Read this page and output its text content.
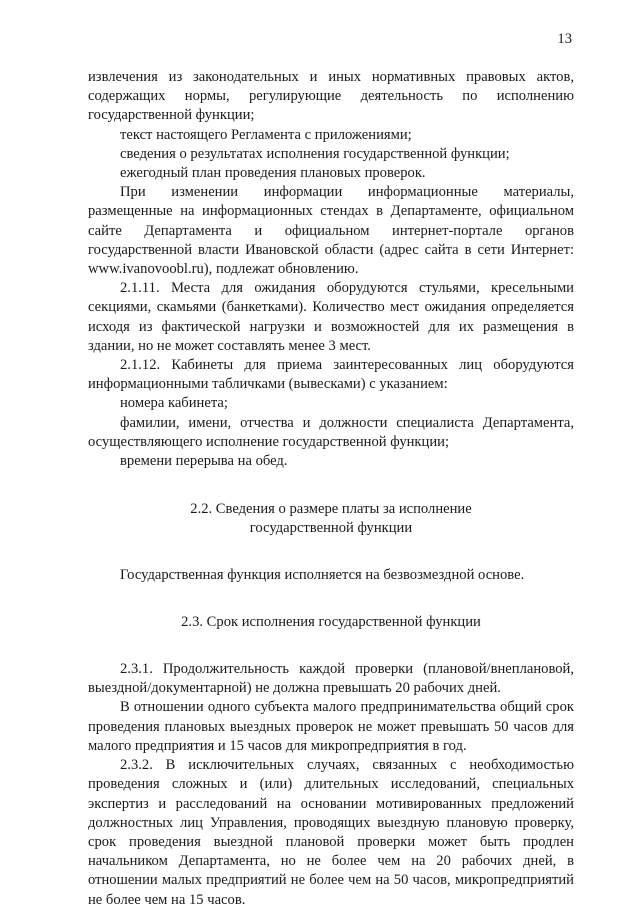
13

извлечения из законодательных и иных нормативных правовых актов, содержащих нормы, регулирующие деятельность по исполнению государственной функции;

текст настоящего Регламента с приложениями;

сведения о результатах исполнения государственной функции;

ежегодный план проведения плановых проверок.

При изменении информации информационные материалы, размещенные на информационных стендах в Департаменте, официальном сайте Департамента и официальном интернет-портале органов государственной власти Ивановской области (адрес сайта в сети Интернет: www.ivanovoobl.ru), подлежат обновлению.

2.1.11. Места для ожидания оборудуются стульями, кресельными секциями, скамьями (банкетками). Количество мест ожидания определяется исходя из фактической нагрузки и возможностей для их размещения в здании, но не может составлять менее 3 мест.

2.1.12. Кабинеты для приема заинтересованных лиц оборудуются информационными табличками (вывесками) с указанием:

номера кабинета;

фамилии, имени, отчества и должности специалиста Департамента, осуществляющего исполнение государственной функции;

времени перерыва на обед.

2.2. Сведения о размере платы за исполнение

государственной функции

Государственная функция исполняется на безвозмездной основе.

2.3. Срок исполнения государственной функции

2.3.1. Продолжительность каждой проверки (плановой/внеплановой, выездной/документарной) не должна превышать 20 рабочих дней.

В отношении одного субъекта малого предпринимательства общий срок проведения плановых выездных проверок не может превышать 50 часов для малого предприятия и 15 часов для микропредприятия в год.

2.3.2. В исключительных случаях, связанных с необходимостью проведения сложных и (или) длительных исследований, специальных экспертиз и расследований на основании мотивированных предложений должностных лиц Управления, проводящих выездную плановую проверку, срок проведения выездной плановой проверки может быть продлен начальником Департамента, но не более чем на 20 рабочих дней, в отношении малых предприятий не более чем на 50 часов, микропредприятий не более чем на 15 часов.
